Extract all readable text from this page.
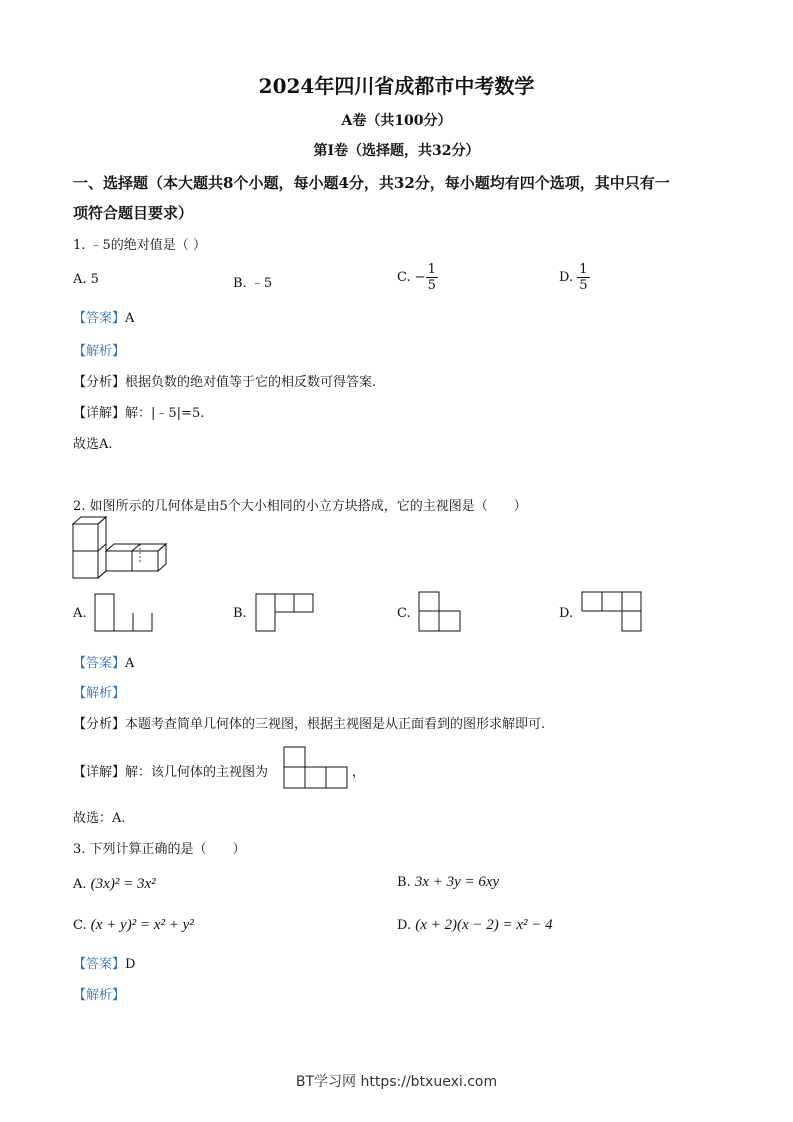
2024年四川省成都市中考数学
A卷（共100分）
第I卷（选择题，共32分）
一、选择题（本大题共8个小题，每小题4分，共32分，每小题均有四个选项，其中只有一
项符合题目要求）
1. ﹣5的绝对值是（ ）
A. 5	B. ﹣5	C. − $\frac{1}{5}$	D. $\frac{1}{5}$
【答案】A
【解析】
【分析】根据负数的绝对值等于它的相反数可得答案.
【详解】解：|﹣5|=5.
故选A.
2. 如图所示的几何体是由5个大小相同的小立方块搭成，它的主视图是（　　）
A.	B.	C.	D.
【答案】A
【解析】
【分析】本题考查简单几何体的三视图，根据主视图是从正面看到的图形求解即可.
【详解】解：该几何体的主视图为	，
故选：A.
3. 下列计算正确的是（　　）
A. (3x)² = 3x²	B. 3x + 3y = 6xy
C. (x + y)² = x² + y²	D. (x + 2)(x − 2) = x² − 4
【答案】D
【解析】
BT学习网 https://btxuexi.com
